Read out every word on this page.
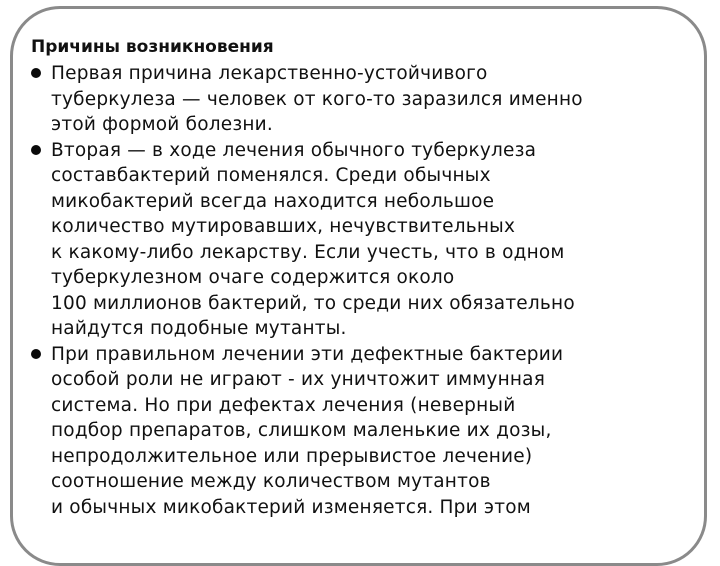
Причины возникновения
Первая причина лекарственно-устойчивого
туберкулеза — человек от кого-то заразился именно
этой формой болезни.
Вторая — в ходе лечения обычного туберкулеза
составбактерий поменялся. Среди обычных
микобактерий всегда находится небольшое
количество мутировавших, нечувствительных
к какому-либо лекарству. Если учесть, что в одном
туберкулезном очаге содержится около
100 миллионов бактерий, то среди них обязательно
найдутся подобные мутанты.
При правильном лечении эти дефектные бактерии
особой роли не играют - их уничтожит иммунная
система. Но при дефектах лечения (неверный
подбор препаратов, слишком маленькие их дозы,
непродолжительное или прерывистое лечение)
соотношение между количеством мутантов
и обычных микобактерий изменяется. При этом
